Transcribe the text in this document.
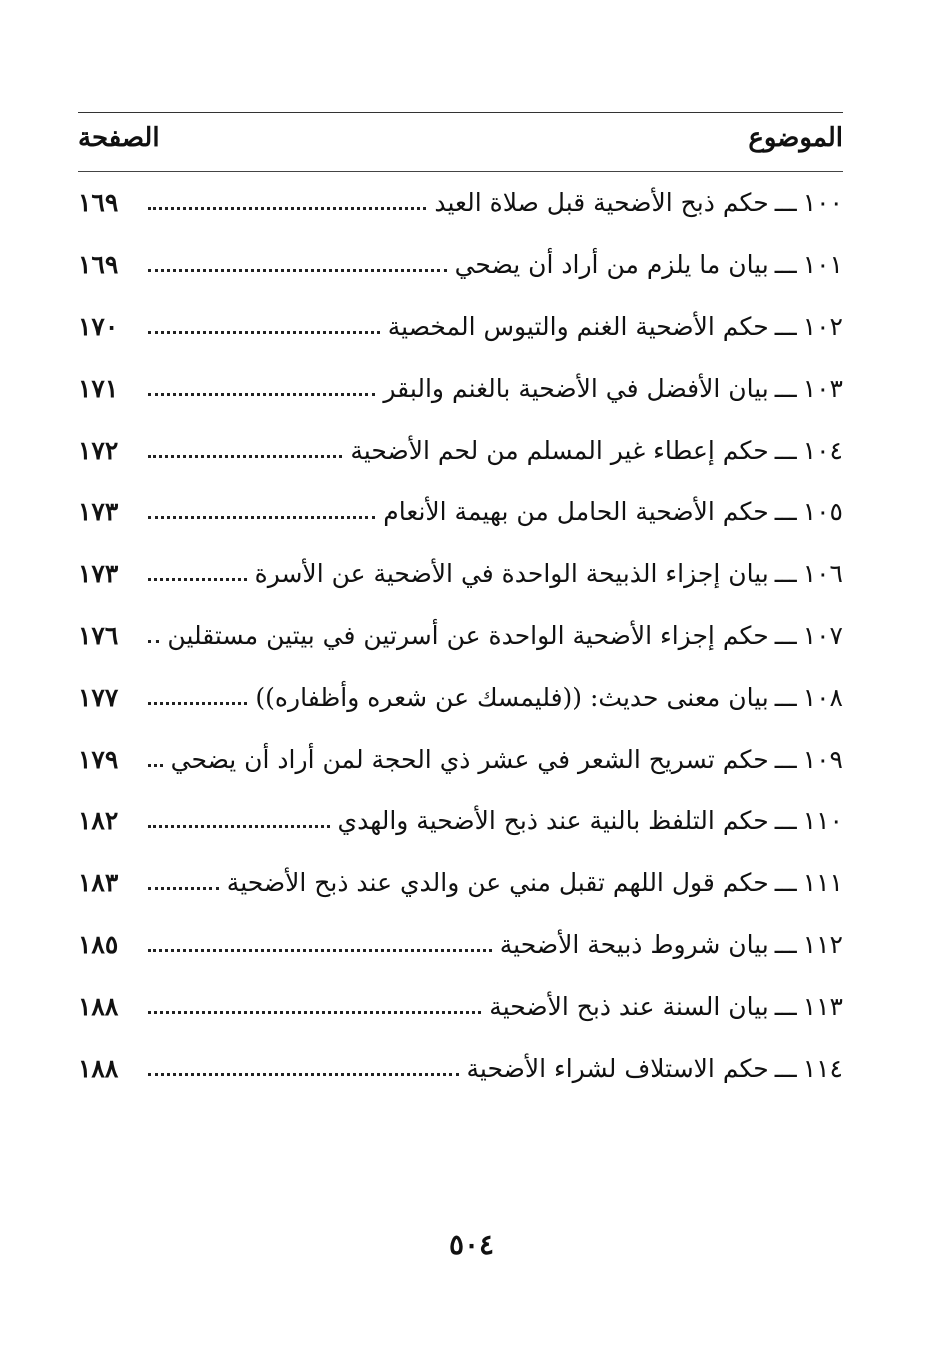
الموضوع
الصفحة
١٠٠
ـــ
حكم ذبح الأضحية قبل صلاة العيد
١٦٩
١٠١
ـــ
بيان ما يلزم من أراد أن يضحي
١٦٩
١٠٢
ـــ
حكم الأضحية الغنم والتيوس المخصية
١٧٠
١٠٣
ـــ
بيان الأفضل في الأضحية بالغنم والبقر
١٧١
١٠٤
ـــ
حكم إعطاء غير المسلم من لحم الأضحية
١٧٢
١٠٥
ـــ
حكم الأضحية الحامل من بهيمة الأنعام
١٧٣
١٠٦
ـــ
بيان إجزاء الذبيحة الواحدة في الأضحية عن الأسرة
١٧٣
١٠٧
ـــ
حكم إجزاء الأضحية الواحدة عن أسرتين في بيتين مستقلين
١٧٦
١٠٨
ـــ
بيان معنى حديث: ((فليمسك عن شعره وأظفاره))
١٧٧
١٠٩
ـــ
حكم تسريح الشعر في عشر ذي الحجة لمن أراد أن يضحي
١٧٩
١١٠
ـــ
حكم التلفظ بالنية عند ذبح الأضحية والهدي
١٨٢
١١١
ـــ
حكم قول اللهم تقبل مني عن والدي عند ذبح الأضحية
١٨٣
١١٢
ـــ
بيان شروط ذبيحة الأضحية
١٨٥
١١٣
ـــ
بيان السنة عند ذبح الأضحية
١٨٨
١١٤
ـــ
حكم الاستلاف لشراء الأضحية
١٨٨
٥٠٤
